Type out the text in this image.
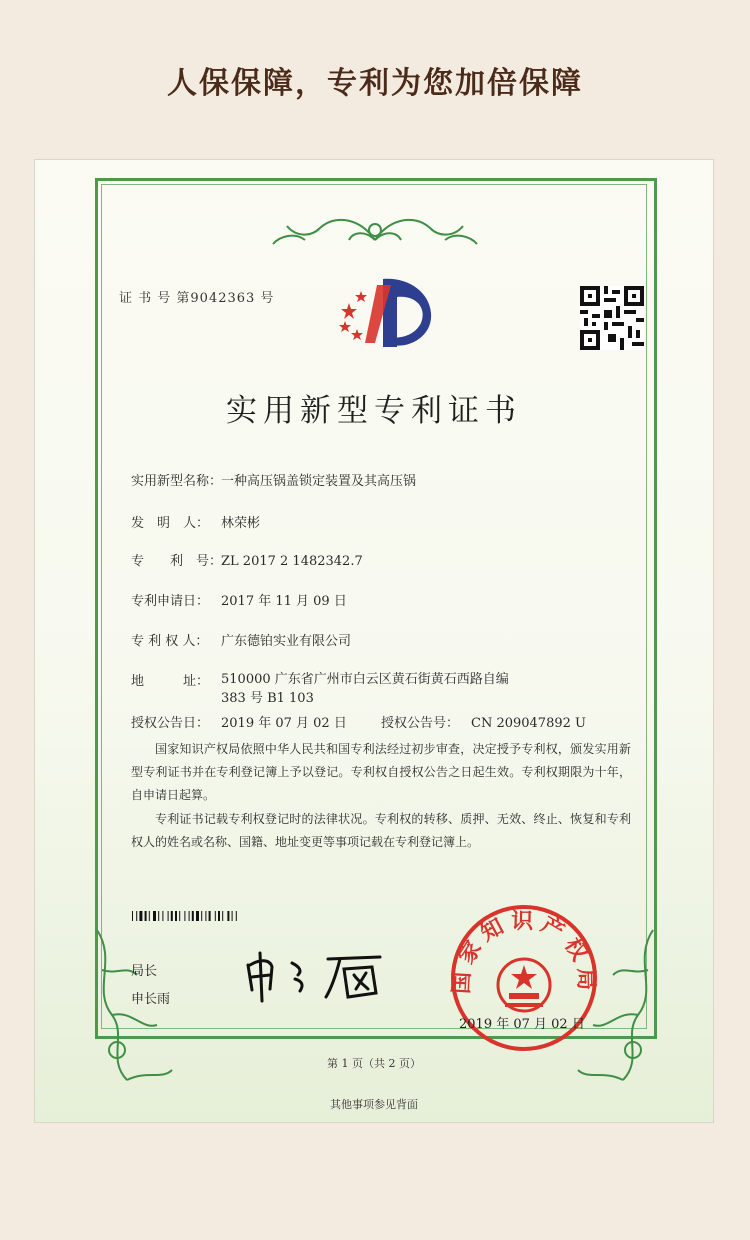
人保保障，专利为您加倍保障
证 书 号 第9042363 号
实用新型专利证书
实用新型名称：一种高压锅盖锁定装置及其高压锅
发　明　人： 林荣彬
专　　利　号：ZL 2017 2 1482342.7
专利申请日： 2017 年 11 月 09 日
专 利 权 人： 广东德铂实业有限公司
地　　　址： 510000 广东省广州市白云区黄石街黄石西路自编 383 号 B1 103
授权公告日： 2019 年 07 月 02 日	授权公告号： CN 209047892 U
国家知识产权局依照中华人民共和国专利法经过初步审查，决定授予专利权，颁发实用新型专利证书并在专利登记簿上予以登记。专利权自授权公告之日起生效。专利权期限为十年，自申请日起算。
专利证书记载专利权登记时的法律状况。专利权的转移、质押、无效、终止、恢复和专利权人的姓名或名称、国籍、地址变更等事项记载在专利登记簿上。
局长
申长雨
国家知识产权局
2019 年 07 月 02 日
第 1 页（共 2 页）
其他事项参见背面
